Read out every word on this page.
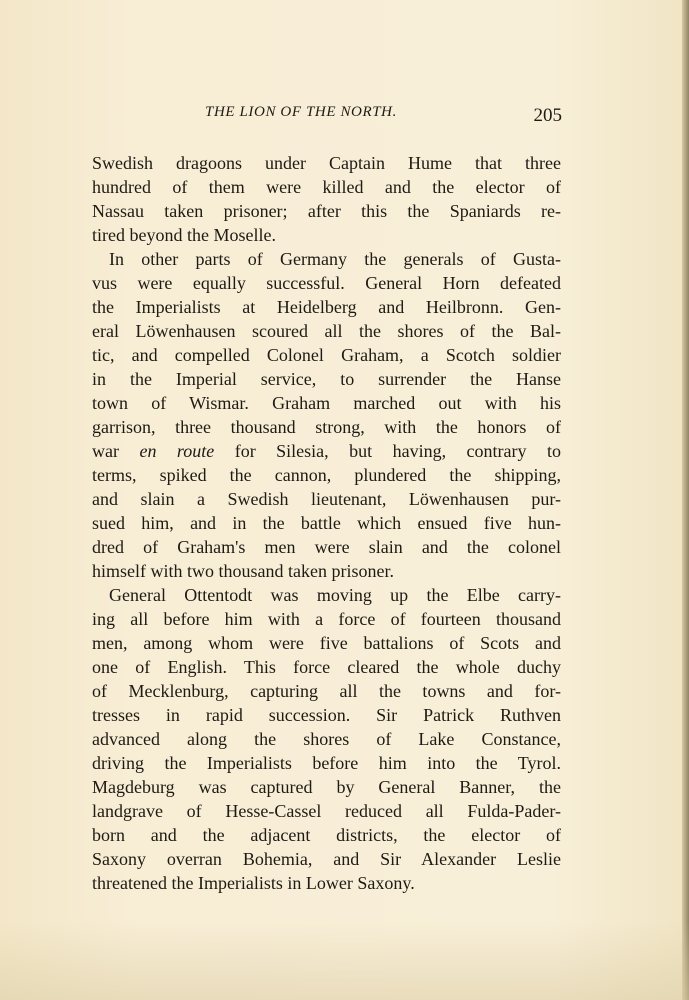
THE LION OF THE NORTH.	205
Swedish dragoons under Captain Hume that three
hundred of them were killed and the elector of
Nassau taken prisoner; after this the Spaniards re-
tired beyond the Moselle.
In other parts of Germany the generals of Gusta-
vus were equally successful. General Horn defeated
the Imperialists at Heidelberg and Heilbronn. Gen-
eral Löwenhausen scoured all the shores of the Bal-
tic, and compelled Colonel Graham, a Scotch soldier
in the Imperial service, to surrender the Hanse
town of Wismar. Graham marched out with his
garrison, three thousand strong, with the honors of
war en route for Silesia, but having, contrary to
terms, spiked the cannon, plundered the shipping,
and slain a Swedish lieutenant, Löwenhausen pur-
sued him, and in the battle which ensued five hun-
dred of Graham's men were slain and the colonel
himself with two thousand taken prisoner.
General Ottentodt was moving up the Elbe carry-
ing all before him with a force of fourteen thousand
men, among whom were five battalions of Scots and
one of English. This force cleared the whole duchy
of Mecklenburg, capturing all the towns and for-
tresses in rapid succession. Sir Patrick Ruthven
advanced along the shores of Lake Constance,
driving the Imperialists before him into the Tyrol.
Magdeburg was captured by General Banner, the
landgrave of Hesse-Cassel reduced all Fulda-Pader-
born and the adjacent districts, the elector of
Saxony overran Bohemia, and Sir Alexander Leslie
threatened the Imperialists in Lower Saxony.
